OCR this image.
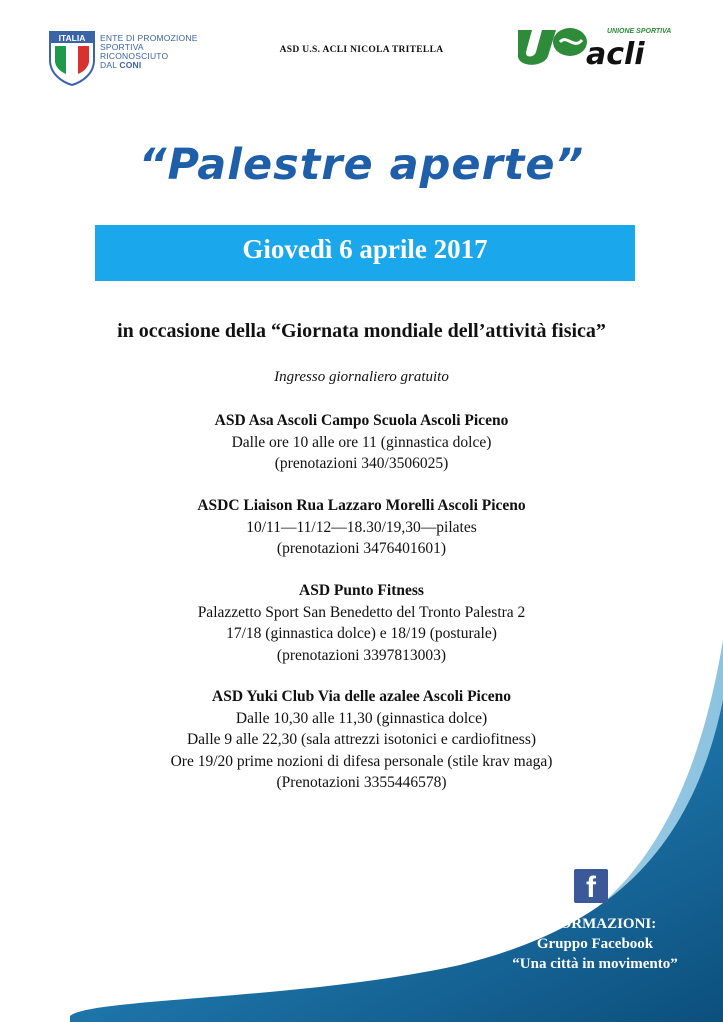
ITALIA ENTE DI PROMOZIONE
SPORTIVA
RICONOSCIUTO
DAL CONI
ASD U.S. ACLI NICOLA TRITELLA
UNIONE SPORTIVA
acli
“Palestre aperte”
Giovedì 6 aprile 2017
in occasione della “Giornata mondiale dell’attività fisica”
Ingresso giornaliero gratuito
ASD Asa Ascoli Campo Scuola Ascoli Piceno
Dalle ore 10 alle ore 11 (ginnastica dolce)
(prenotazioni 340/3506025)
ASDC Liaison Rua Lazzaro Morelli Ascoli Piceno
10/11—11/12—18.30/19,30—pilates
(prenotazioni 3476401601)
ASD Punto Fitness
Palazzetto Sport San Benedetto del Tronto Palestra 2
17/18 (ginnastica dolce) e 18/19 (posturale)
(prenotazioni 3397813003)
ASD Yuki Club Via delle azalee Ascoli Piceno
Dalle 10,30 alle 11,30 (ginnastica dolce)
Dalle 9 alle 22,30 (sala attrezzi isotonici e cardiofitness)
Ore 19/20 prime nozioni di difesa personale (stile krav maga)
(Prenotazioni 3355446578)
f
INFORMAZIONI:
Gruppo Facebook
“Una città in movimento”
